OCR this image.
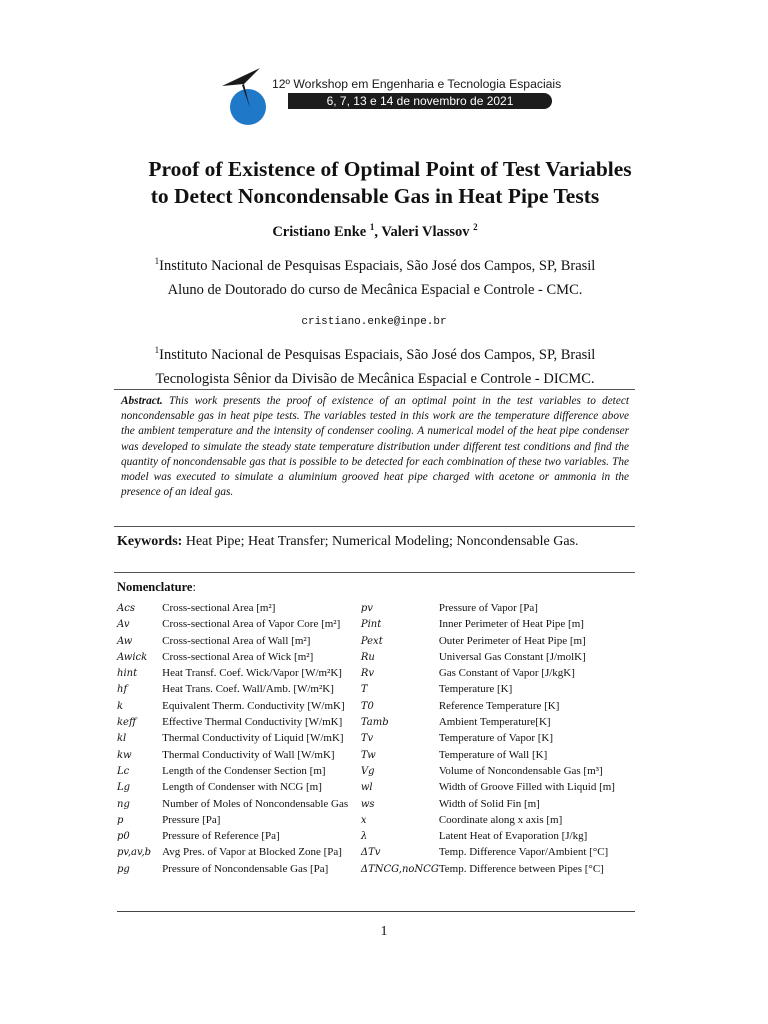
12º Workshop em Engenharia e Tecnologia Espaciais
6, 7, 13 e 14 de novembro de 2021
Proof of Existence of Optimal Point of Test Variables
to Detect Noncondensable Gas in Heat Pipe Tests
Cristiano Enke $^1$, Valeri Vlassov $^2$
$^1$Instituto Nacional de Pesquisas Espaciais, São José dos Campos, SP, Brasil
Aluno de Doutorado do curso de Mecânica Espacial e Controle - CMC.
cristiano.enke@inpe.br
$^1$Instituto Nacional de Pesquisas Espaciais, São José dos Campos, SP, Brasil
Tecnologista Sênior da Divisão de Mecânica Espacial e Controle - DICMC.
Abstract. This work presents the proof of existence of an optimal point in the test variables to detect noncondensable gas in heat pipe tests. The variables tested in this work are the temperature difference above the ambient temperature and the intensity of condenser cooling. A numerical model of the heat pipe condenser was developed to simulate the steady state temperature distribution under different test conditions and find the quantity of noncondensable gas that is possible to be detected for each combination of these two variables. The model was executed to simulate a aluminium grooved heat pipe charged with acetone or ammonia in the presence of an ideal gas.
Keywords: Heat Pipe; Heat Transfer; Numerical Modeling; Noncondensable Gas.
Nomenclature:
Acs	Cross-sectional Area [m²]	pv	Pressure of Vapor [Pa]
Av	Cross-sectional Area of Vapor Core [m²]	Pint	Inner Perimeter of Heat Pipe [m]
Aw	Cross-sectional Area of Wall [m²]	Pext	Outer Perimeter of Heat Pipe [m]
Awick	Cross-sectional Area of Wick [m²]	Ru	Universal Gas Constant [J/molK]
hint	Heat Transf. Coef. Wick/Vapor [W/m²K]	Rv	Gas Constant of Vapor [J/kgK]
hf	Heat Trans. Coef. Wall/Amb. [W/m²K]	T	Temperature [K]
k	Equivalent Therm. Conductivity [W/mK]	T0	Reference Temperature [K]
keff	Effective Thermal Conductivity [W/mK]	Tamb	Ambient Temperature[K]
kl	Thermal Conductivity of Liquid [W/mK]	Tv	Temperature of Vapor [K]
kw	Thermal Conductivity of Wall [W/mK]	Tw	Temperature of Wall [K]
Lc	Length of the Condenser Section [m]	Vg	Volume of Noncondensable Gas [m³]
Lg	Length of Condenser with NCG [m]	wl	Width of Groove Filled with Liquid [m]
ng	Number of Moles of Noncondensable Gas	ws	Width of Solid Fin [m]
p	Pressure [Pa]	x	Coordinate along x axis [m]
p0	Pressure of Reference [Pa]	λ	Latent Heat of Evaporation [J/kg]
pv,av,b	Avg Pres. of Vapor at Blocked Zone [Pa]	ΔTv	Temp. Difference Vapor/Ambient [°C]
pg	Pressure of Noncondensable Gas [Pa]	ΔTNCG,noNCG	Temp. Difference between Pipes [°C]
1
